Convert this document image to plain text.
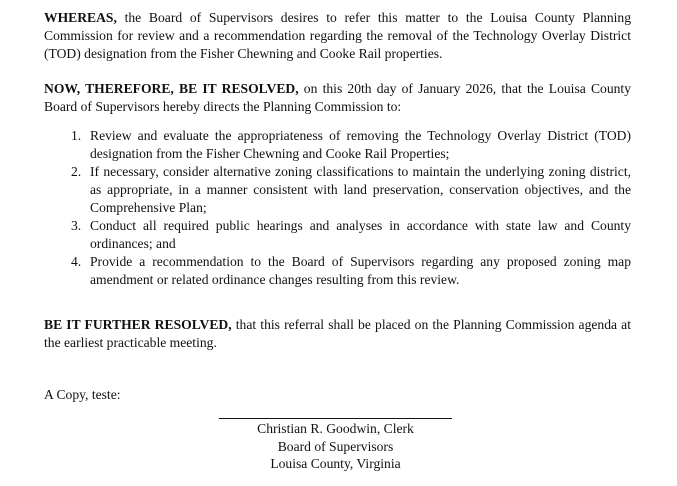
WHEREAS, the Board of Supervisors desires to refer this matter to the Louisa County Planning Commission for review and a recommendation regarding the removal of the Technology Overlay District (TOD) designation from the Fisher Chewning and Cooke Rail properties.

NOW, THEREFORE, BE IT RESOLVED, on this 20th day of January 2026, that the Louisa County Board of Supervisors hereby directs the Planning Commission to:

1. Review and evaluate the appropriateness of removing the Technology Overlay District (TOD) designation from the Fisher Chewning and Cooke Rail Properties;
2. If necessary, consider alternative zoning classifications to maintain the underlying zoning district, as appropriate, in a manner consistent with land preservation, conservation objectives, and the Comprehensive Plan;
3. Conduct all required public hearings and analyses in accordance with state law and County ordinances; and
4. Provide a recommendation to the Board of Supervisors regarding any proposed zoning map amendment or related ordinance changes resulting from this review.

BE IT FURTHER RESOLVED, that this referral shall be placed on the Planning Commission agenda at the earliest practicable meeting.

A Copy, teste:
Christian R. Goodwin, Clerk
Board of Supervisors
Louisa County, Virginia
